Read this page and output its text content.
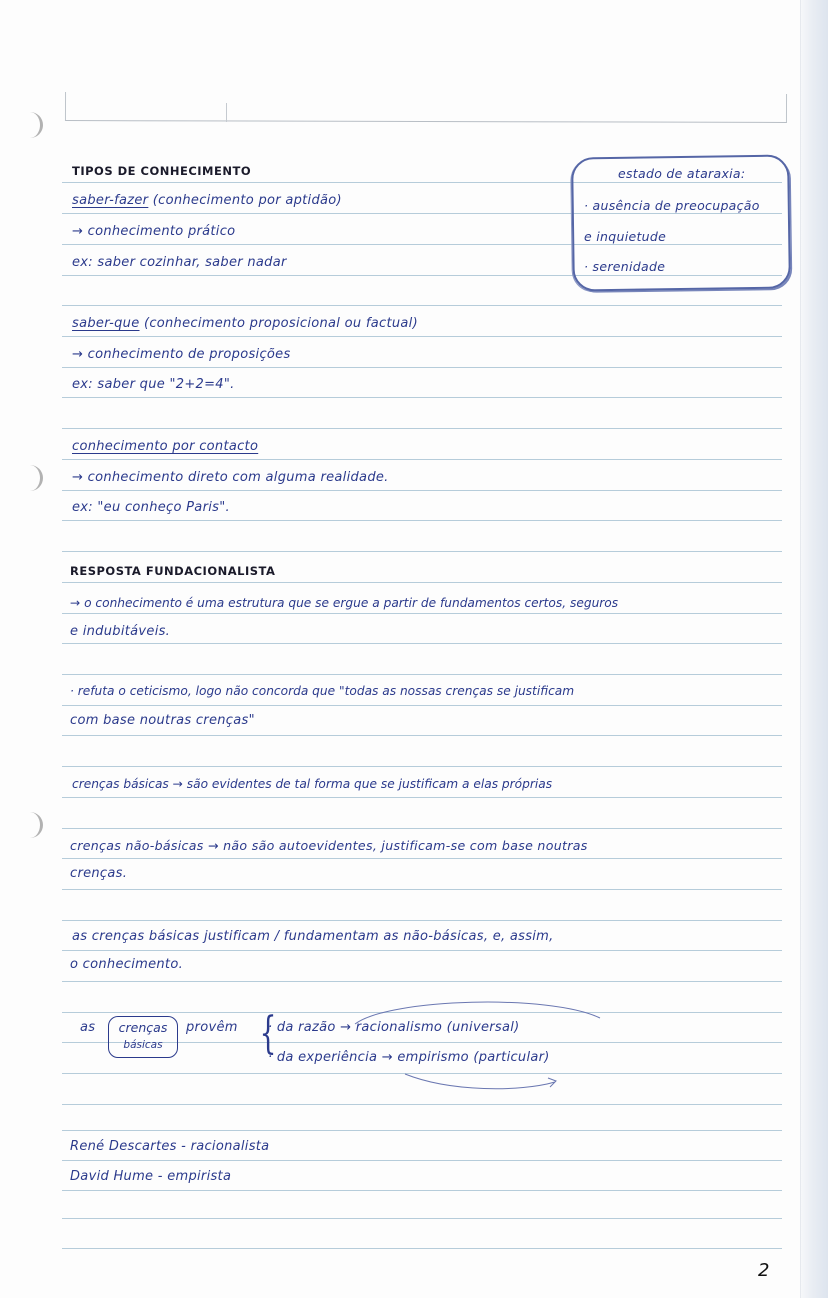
TIPOS DE CONHECIMENTO
saber-fazer (conhecimento por aptidão)
→ conhecimento prático
ex: saber cozinhar, saber nadar
saber-que (conhecimento proposicional ou factual)
→ conhecimento de proposições
ex: saber que "2+2=4".
conhecimento por contacto
→ conhecimento direto com alguma realidade.
ex: "eu conheço Paris".
estado de ataraxia:
· ausência de preocupação
e inquietude
· serenidade
RESPOSTA FUNDACIONALISTA
→ o conhecimento é uma estrutura que se ergue a partir de fundamentos certos, seguros
e indubitáveis.
· refuta o ceticismo, logo não concorda que "todas as nossas crenças se justificam
com base noutras crenças"
crenças básicas → são evidentes de tal forma que se justificam a elas próprias
crenças não-básicas → não são autoevidentes, justificam-se com base noutras
crenças.
as crenças básicas justificam / fundamentam as não-básicas, e, assim,
o conhecimento.
as	crenças
básicas
provêm {
· da razão → racionalismo (universal)
· da experiência → empirismo (particular)
René Descartes - racionalista
David Hume - empirista
2
